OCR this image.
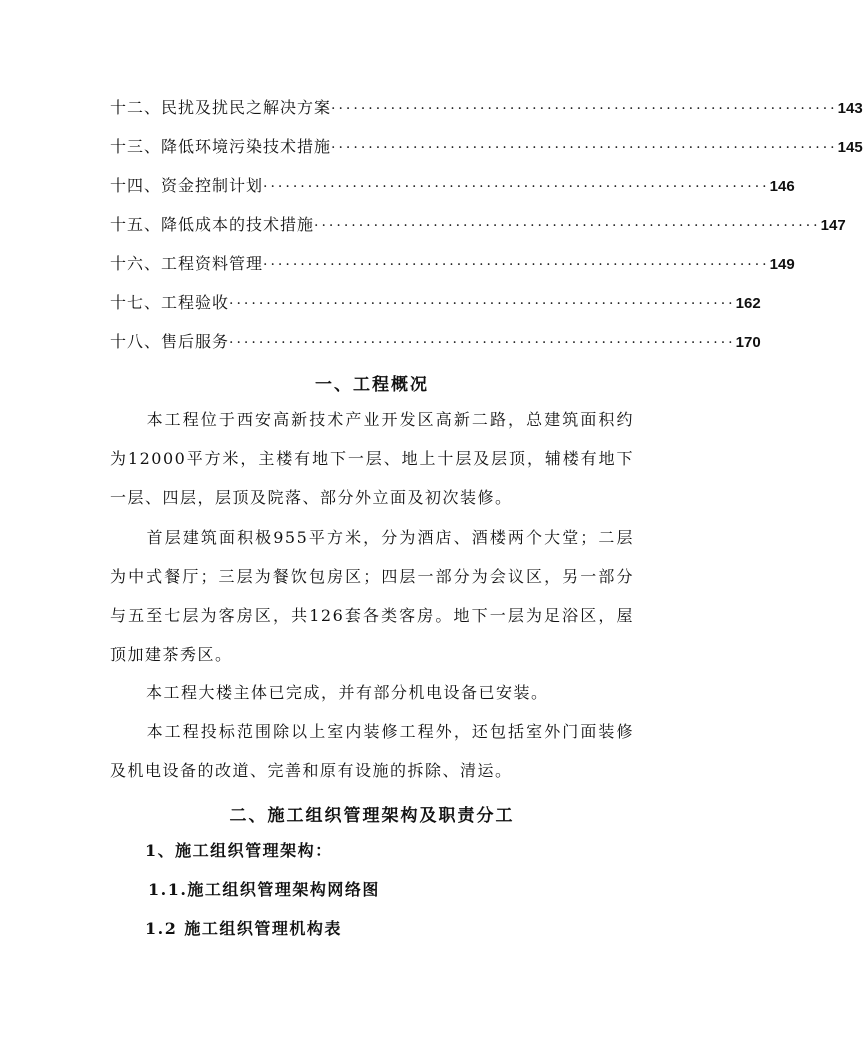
十二、民扰及扰民之解决方案 ···································································· 143
十三、降低环境污染技术措施 ···································································· 145
十四、资金控制计划 ···································································· 146
十五、降低成本的技术措施 ···································································· 147
十六、工程资料管理 ···································································· 149
十七、工程验收 ···································································· 162
十八、售后服务 ···································································· 170
一、工程概况
本工程位于西安高新技术产业开发区高新二路，总建筑面积约为12000平方米，主楼有地下一层、地上十层及层顶，辅楼有地下一层、四层，层顶及院落、部分外立面及初次装修。
首层建筑面积极955平方米，分为酒店、酒楼两个大堂；二层为中式餐厅；三层为餐饮包房区；四层一部分为会议区，另一部分与五至七层为客房区，共126套各类客房。地下一层为足浴区，屋顶加建茶秀区。
本工程大楼主体已完成，并有部分机电设备已安装。
本工程投标范围除以上室内装修工程外，还包括室外门面装修及机电设备的改道、完善和原有设施的拆除、清运。
二、施工组织管理架构及职责分工
1、施工组织管理架构：
1.1.施工组织管理架构网络图
1.2 施工组织管理机构表
